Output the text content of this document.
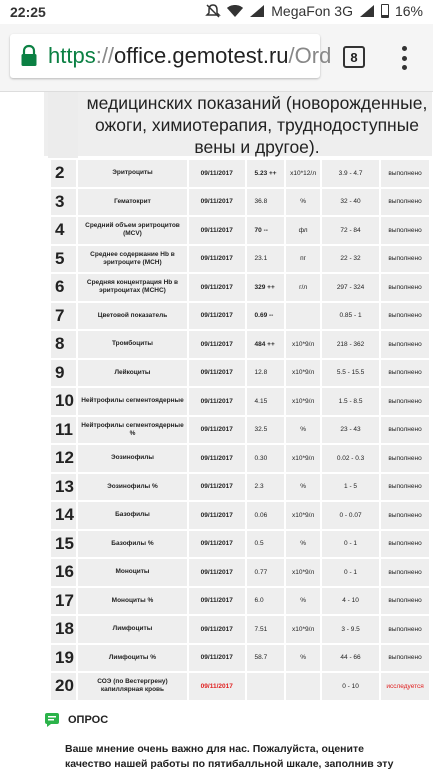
22:25	MegaFon 3G	16%
https://office.gemotest.ru/Ord	8
медицинских показаний (новорожденные, ожоги, химиотерапия, труднодоступные вены и другое).
2	Эритроциты	09/11/2017	5.23 ++	x10*12/л	3.9 - 4.7	выполнено
3	Гематокрит	09/11/2017	36.8	%	32 - 40	выполнено
4	Средний объем эритроцитов (MCV)	09/11/2017	70 --	фл	72 - 84	выполнено
5	Среднее содержание Hb в эритроците (MCH)	09/11/2017	23.1	пг	22 - 32	выполнено
6	Средняя концентрация Hb в эритроцитах (MCHC)	09/11/2017	329 ++	г/л	297 - 324	выполнено
7	Цветовой показатель	09/11/2017	0.69 --		0.85 - 1	выполнено
8	Тромбоциты	09/11/2017	484 ++	x10*9/л	218 - 362	выполнено
9	Лейкоциты	09/11/2017	12.8	x10*9/л	5.5 - 15.5	выполнено
10	Нейтрофилы сегментоядерные	09/11/2017	4.15	x10*9/л	1.5 - 8.5	выполнено
11	Нейтрофилы сегментоядерные %	09/11/2017	32.5	%	23 - 43	выполнено
12	Эозинофилы	09/11/2017	0.30	x10*9/л	0.02 - 0.3	выполнено
13	Эозинофилы %	09/11/2017	2.3	%	1 - 5	выполнено
14	Базофилы	09/11/2017	0.06	x10*9/л	0 - 0.07	выполнено
15	Базофилы %	09/11/2017	0.5	%	0 - 1	выполнено
16	Моноциты	09/11/2017	0.77	x10*9/л	0 - 1	выполнено
17	Моноциты %	09/11/2017	6.0	%	4 - 10	выполнено
18	Лимфоциты	09/11/2017	7.51	x10*9/л	3 - 9.5	выполнено
19	Лимфоциты %	09/11/2017	58.7	%	44 - 66	выполнено
20	СОЭ (по Вестергрену) капиллярная кровь	09/11/2017			0 - 10	исследуется
ОПРОС
Ваше мнение очень важно для нас. Пожалуйста, оцените качество нашей работы по пятибалльной шкале, заполнив эту
